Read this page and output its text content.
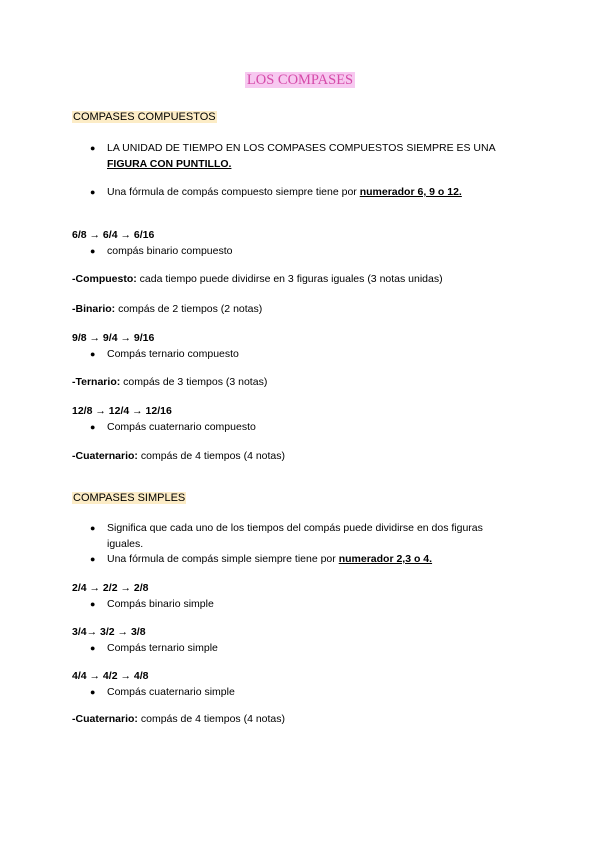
LOS COMPASES
COMPASES COMPUESTOS
● LA UNIDAD DE TIEMPO EN LOS COMPASES COMPUESTOS SIEMPRE ES UNA
FIGURA CON PUNTILLO.
● Una fórmula de compás compuesto siempre tiene por numerador 6, 9 o 12.
6/8 → 6/4 → 6/16
● compás binario compuesto
-Compuesto: cada tiempo puede dividirse en 3 figuras iguales (3 notas unidas)
-Binario: compás de 2 tiempos (2 notas)
9/8 → 9/4 → 9/16
● Compás ternario compuesto
-Ternario: compás de 3 tiempos (3 notas)
12/8 → 12/4 → 12/16
● Compás cuaternario compuesto
-Cuaternario: compás de 4 tiempos (4 notas)
COMPASES SIMPLES
● Significa que cada uno de los tiempos del compás puede dividirse en dos figuras
iguales.
● Una fórmula de compás simple siempre tiene por numerador 2,3 o 4.
2/4 → 2/2 → 2/8
● Compás binario simple
3/4→ 3/2 → 3/8
● Compás ternario simple
4/4 → 4/2 → 4/8
● Compás cuaternario simple
-Cuaternario: compás de 4 tiempos (4 notas)
